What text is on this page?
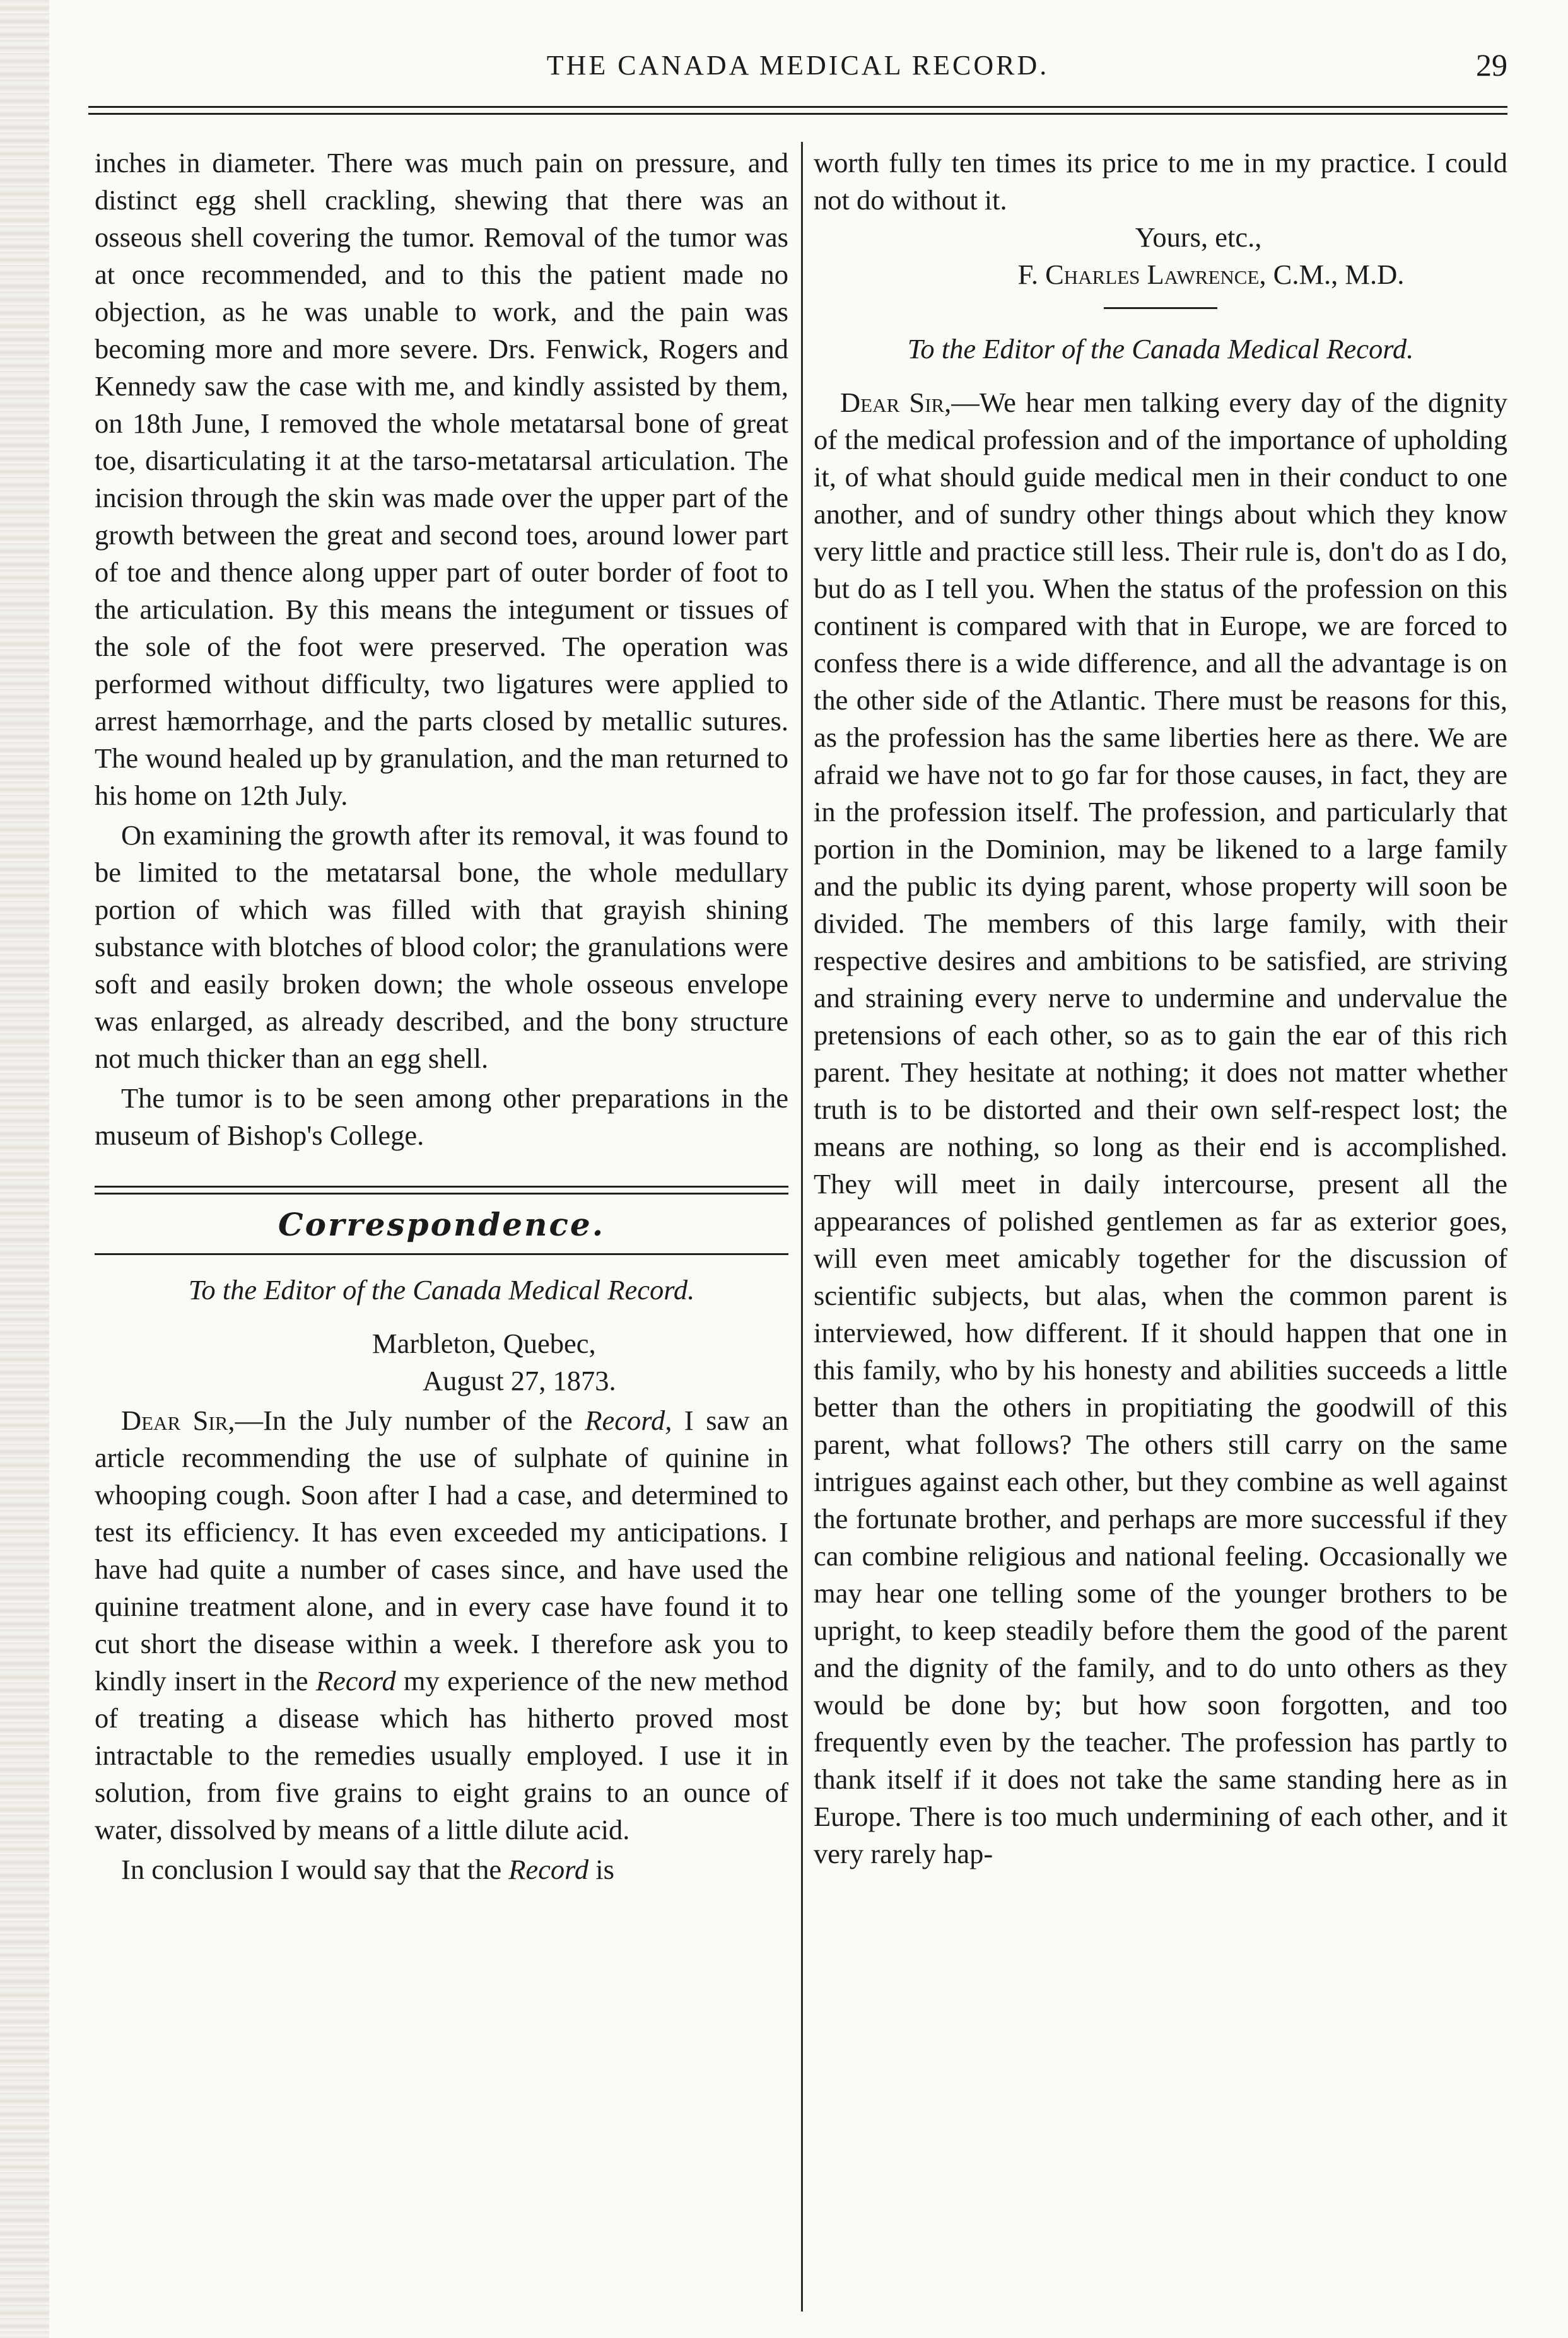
THE CANADA MEDICAL RECORD.	29

inches in diameter. There was much pain on pressure, and distinct egg shell crackling, shewing that there was an osseous shell covering the tumor. Removal of the tumor was at once recommended, and to this the patient made no objection, as he was unable to work, and the pain was becoming more and more severe. Drs. Fenwick, Rogers and Kennedy saw the case with me, and kindly assisted by them, on 18th June, I removed the whole metatarsal bone of great toe, disarticulating it at the tarso-metatarsal articulation. The incision through the skin was made over the upper part of the growth between the great and second toes, around lower part of toe and thence along upper part of outer border of foot to the articulation. By this means the integument or tissues of the sole of the foot were preserved. The operation was performed without difficulty, two ligatures were applied to arrest hæmorrhage, and the parts closed by metallic sutures. The wound healed up by granulation, and the man returned to his home on 12th July.

On examining the growth after its removal, it was found to be limited to the metatarsal bone, the whole medullary portion of which was filled with that grayish shining substance with blotches of blood color; the granulations were soft and easily broken down; the whole osseous envelope was enlarged, as already described, and the bony structure not much thicker than an egg shell.

The tumor is to be seen among other preparations in the museum of Bishop's College.

Correspondence.

To the Editor of the Canada Medical Record.

Marbleton, Quebec,

August 27, 1873.

Dear Sir,—In the July number of the Record, I saw an article recommending the use of sulphate of quinine in whooping cough. Soon after I had a case, and determined to test its efficiency. It has even exceeded my anticipations. I have had quite a number of cases since, and have used the quinine treatment alone, and in every case have found it to cut short the disease within a week. I therefore ask you to kindly insert in the Record my experience of the new method of treating a disease which has hitherto proved most intractable to the remedies usually employed. I use it in solution, from five grains to eight grains to an ounce of water, dissolved by means of a little dilute acid.

In conclusion I would say that the Record is

worth fully ten times its price to me in my practice. I could not do without it.

Yours, etc.,

F. Charles Lawrence, C.M., M.D.

To the Editor of the Canada Medical Record.

Dear Sir,—We hear men talking every day of the dignity of the medical profession and of the importance of upholding it, of what should guide medical men in their conduct to one another, and of sundry other things about which they know very little and practice still less. Their rule is, don't do as I do, but do as I tell you. When the status of the profession on this continent is compared with that in Europe, we are forced to confess there is a wide difference, and all the advantage is on the other side of the Atlantic. There must be reasons for this, as the profession has the same liberties here as there. We are afraid we have not to go far for those causes, in fact, they are in the profession itself. The profession, and particularly that portion in the Dominion, may be likened to a large family and the public its dying parent, whose property will soon be divided. The members of this large family, with their respective desires and ambitions to be satisfied, are striving and straining every nerve to undermine and undervalue the pretensions of each other, so as to gain the ear of this rich parent. They hesitate at nothing; it does not matter whether truth is to be distorted and their own self-respect lost; the means are nothing, so long as their end is accomplished. They will meet in daily intercourse, present all the appearances of polished gentlemen as far as exterior goes, will even meet amicably together for the discussion of scientific subjects, but alas, when the common parent is interviewed, how different. If it should happen that one in this family, who by his honesty and abilities succeeds a little better than the others in propitiating the goodwill of this parent, what follows? The others still carry on the same intrigues against each other, but they combine as well against the fortunate brother, and perhaps are more successful if they can combine religious and national feeling. Occasionally we may hear one telling some of the younger brothers to be upright, to keep steadily before them the good of the parent and the dignity of the family, and to do unto others as they would be done by; but how soon forgotten, and too frequently even by the teacher. The profession has partly to thank itself if it does not take the same standing here as in Europe. There is too much undermining of each other, and it very rarely hap-
